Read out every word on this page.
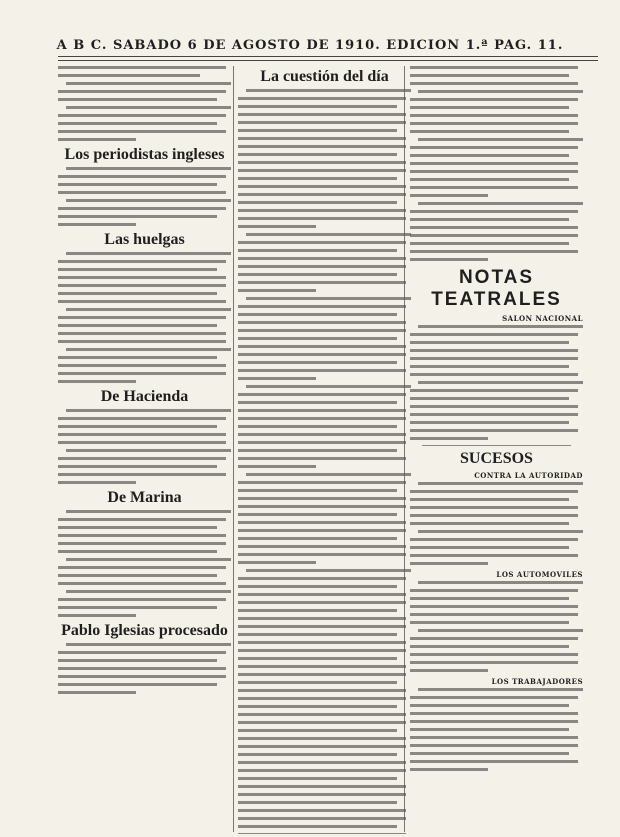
A B C. SABADO 6 DE AGOSTO DE 1910. EDICION 1.ª PAG. 11.
Los periodistas ingleses
Las huelgas
De Hacienda
De Marina
Pablo Iglesias procesado
La cuestión del día
NOTAS TEATRALES
SALON NACIONAL
SUCESOS
CONTRA LA AUTORIDAD
LOS AUTOMOVILES
LOS TRABAJADORES
